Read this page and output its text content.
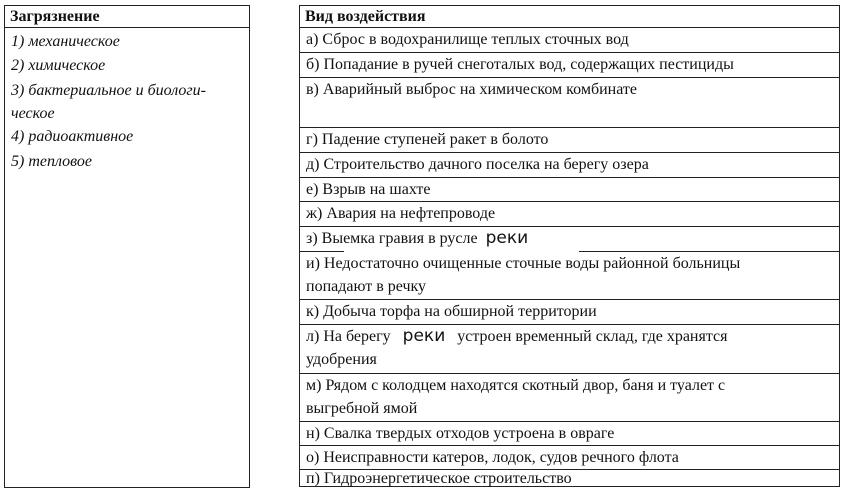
Загрязнение
1) механическое
2) химическое
3) бактериальное и биологи-
ческое
4) радиоактивное
5) тепловое
Вид воздействия
а) Сброс в водохранилище теплых сточных вод
б) Попадание в ручей снеготалых вод, содержащих пестициды
в) Аварийный выброс на химическом комбинате
г) Падение ступеней ракет в болото
д) Строительство дачного поселка на берегу озера
е) Взрыв на шахте
ж) Авария на нефтепроводе
з) Выемка гравия в русле реки
и) Недостаточно очищенные сточные воды районной больницы
попадают в речку
к) Добыча торфа на обширной территории
л) На берегу реки устроен временный склад, где хранятся
удобрения
м) Рядом с колодцем находятся скотный двор, баня и туалет с
выгребной ямой
н) Свалка твердых отходов устроена в овраге
о) Неисправности катеров, лодок, судов речного флота
п) Гидроэнергетическое строительство
